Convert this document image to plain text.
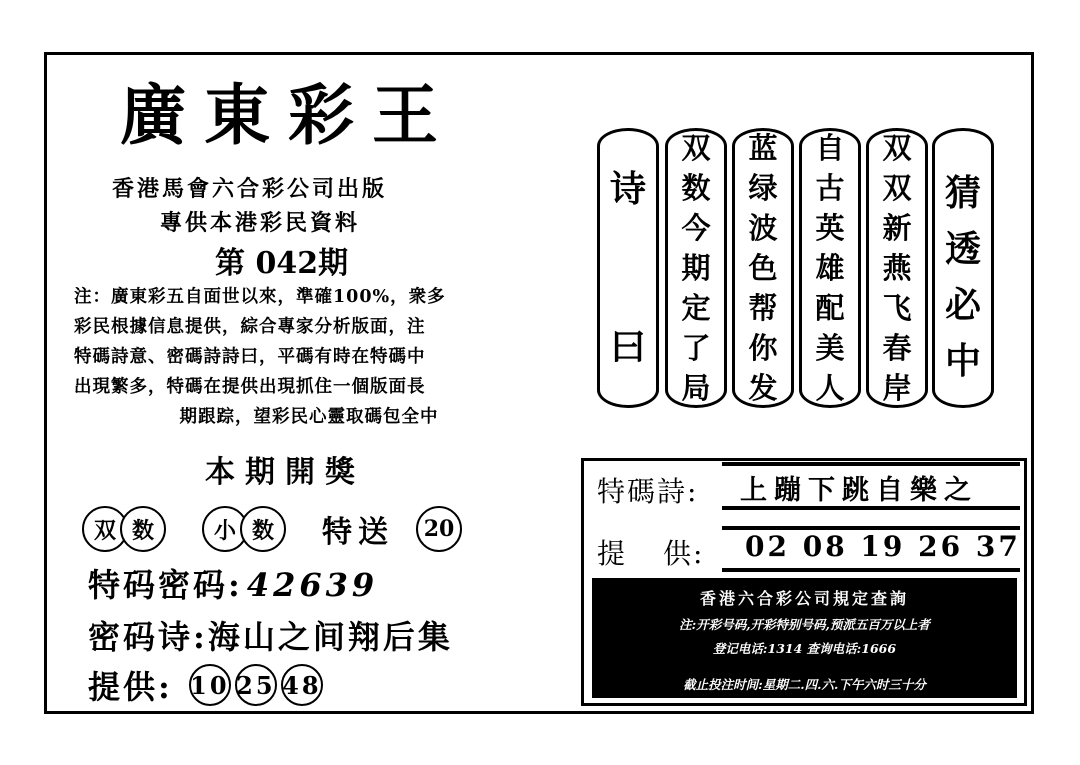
廣東彩王
香港馬會六合彩公司出版
專供本港彩民資料
第 042期

注：廣東彩五自面世以來，準確100%，衆多

彩民根據信息提供，綜合專家分析版面，注

特碼詩意、密碼詩詩曰，平碼有時在特碼中

出現繁多，特碼在提供出現抓住一個版面長

期跟踪，望彩民心靈取碼包全中

本期開獎
双 数	小 数	特送	20
特码密码: 42639
密码诗:海山之间翔后集
提供: 10 25 48
诗
曰
双
数
今
期
定
了
局
蓝
绿
波
色
帮
你
发
自
古
英
雄
配
美
人
双
双
新
燕
飞
春
岸
猜
透
必
中
特碼詩: 上蹦下跳自樂之
提 供: 02 08 19 26 37
香港六合彩公司規定查詢
注:开彩号码,开彩特别号码,预派五百万以上者
登记电话:1314 查询电话:1666
截止投注时间:星期二.四.六.下午六时三十分
